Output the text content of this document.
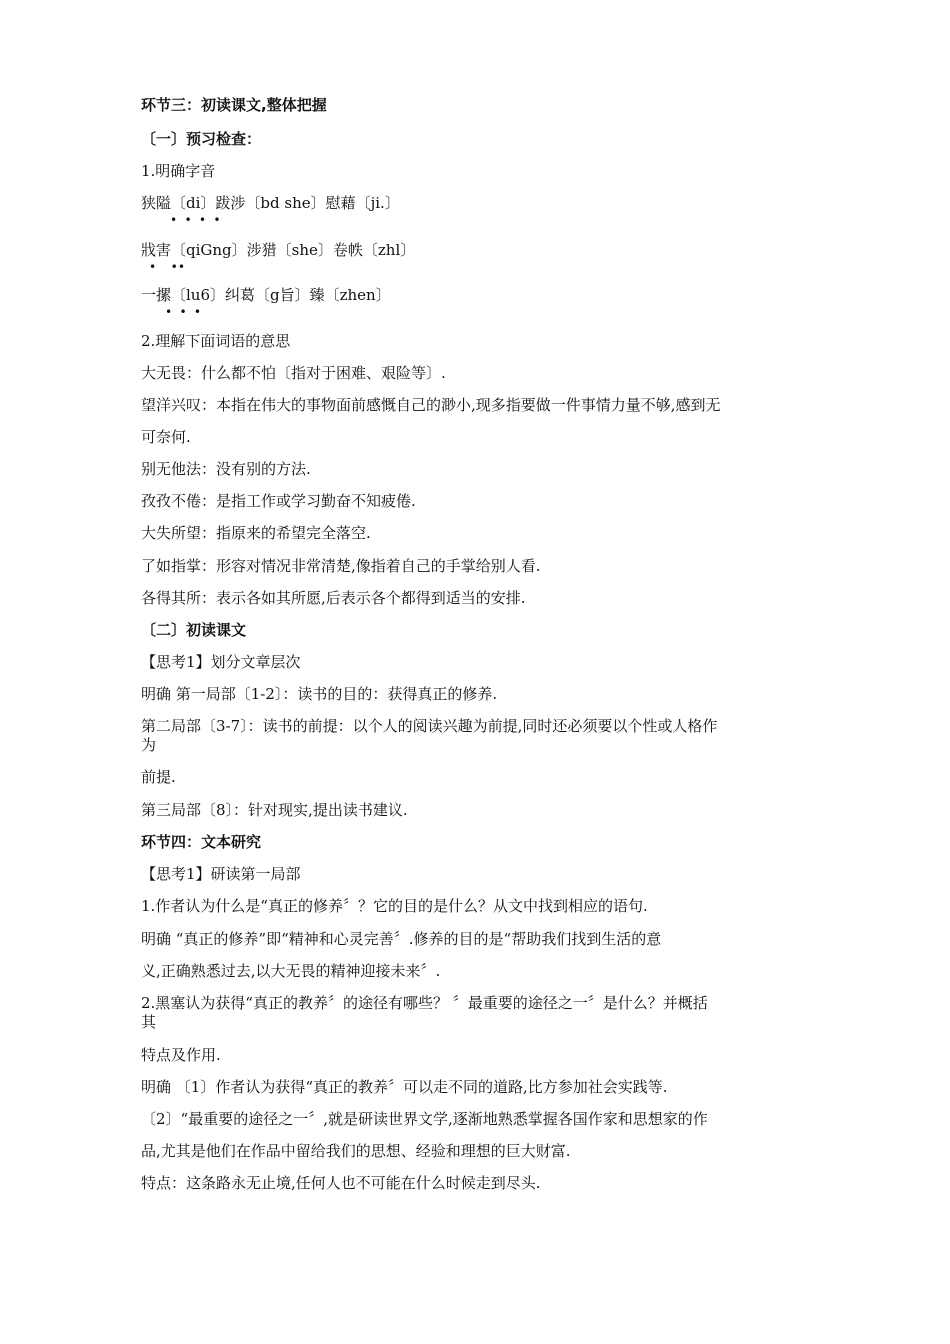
环节三：初读课文,整体把握
〔一〕预习检查：
1.明确字音
狭隘〔di〕跋涉〔bd she〕慰藉〔ji.〕
• • • •
戕害〔qiGng〕涉猎〔she〕卷帙〔zhl〕
•  ••
一摞〔lu6〕纠葛〔g旨〕臻〔zhen〕
• • •
2.理解下面词语的意思
大无畏：什么都不怕〔指对于困难、艰险等〕.
望洋兴叹：本指在伟大的事物面前感慨自己的渺小,现多指要做一件事情力量不够,感到无
可奈何.
别无他法：没有别的方法.
孜孜不倦：是指工作或学习勤奋不知疲倦.
大失所望：指原来的希望完全落空.
了如指掌：形容对情况非常清楚,像指着自己的手掌给别人看.
各得其所：表示各如其所愿,后表示各个都得到适当的安排.
〔二〕初读课文
【思考1】划分文章层次
明确 第一局部〔1-2〕：读书的目的：获得真正的修养.
第二局部〔3-7〕：读书的前提：以个人的阅读兴趣为前提,同时还必须要以个性或人格作
为
前提.
第三局部〔8〕：针对现实,提出读书建议.
环节四：文本研究
【思考1】研读第一局部
1.作者认为什么是“真正的修养〞？它的目的是什么？从文中找到相应的语句.
明确 “真正的修养”即“精神和心灵完善〞.修养的目的是“帮助我们找到生活的意
义,正确熟悉过去,以大无畏的精神迎接未来〞.
2.黑塞认为获得“真正的教养〞的途径有哪些？ 〞最重要的途径之一〞是什么？并概括
其
特点及作用.
明确 〔1〕作者认为获得“真正的教养〞可以走不同的道路,比方参加社会实践等.
〔2〕“最重要的途径之一〞,就是研读世界文学,逐渐地熟悉掌握各国作家和思想家的作
品,尤其是他们在作品中留给我们的思想、经验和理想的巨大财富.
特点：这条路永无止境,任何人也不可能在什么时候走到尽头.
